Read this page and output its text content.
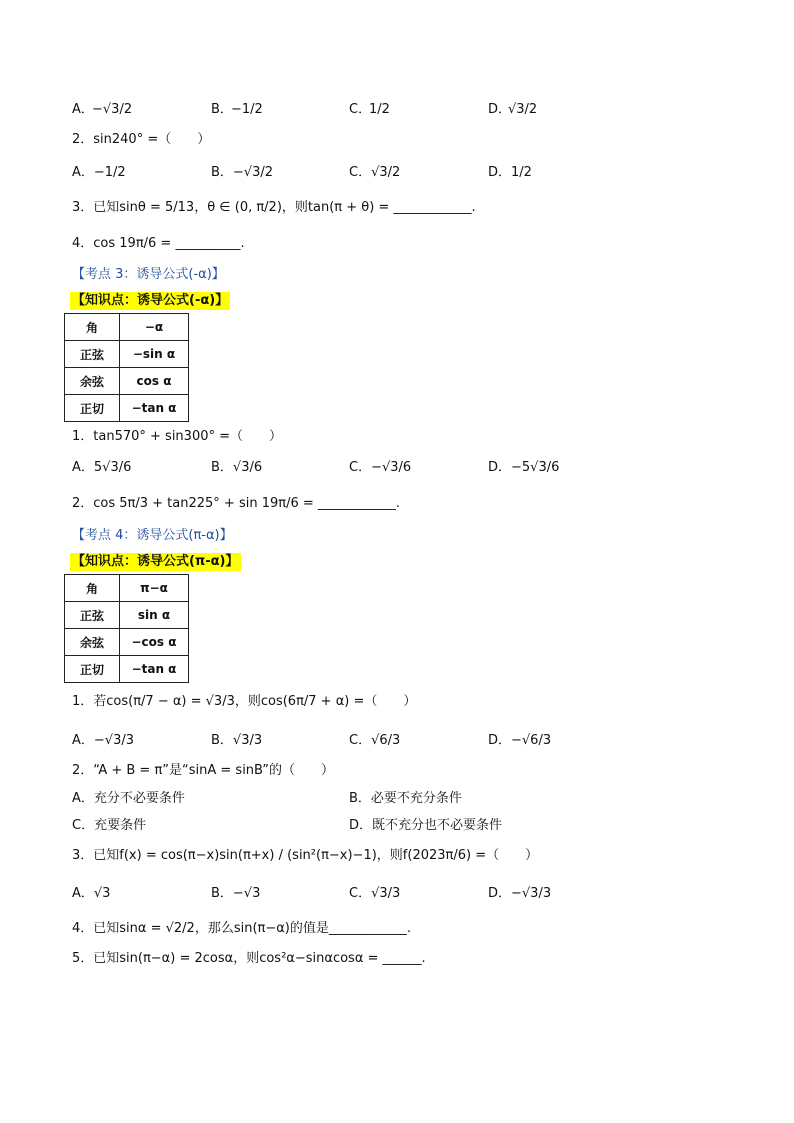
A．
−√3/2	B．
−1/2	C．
1/2	D．
√3/2
2．sin240° =（　　）
A．−1/2	B．−√3/2	C．√3/2	D．1/2
3．已知sinθ = 5/13，θ ∈ (0, π/2)，则tan(π + θ) = ____________.
4．cos 19π/6 = __________.
【考点 3：诱导公式(-α)】
【知识点：诱导公式(-α)】
角	−α
正弦	−sin α
余弦	cos α
正切	−tan α
1．tan570° + sin300° =（　　）
A．5√3/6	B．√3/6	C．−√3/6	D．−5√3/6
2．cos 5π/3 + tan225° + sin 19π/6 = ____________.
【考点 4：诱导公式(π-α)】
【知识点：诱导公式(π-α)】
角	π−α
正弦	sin α
余弦	−cos α
正切	−tan α
1．若cos(π/7 − α) = √3/3，则cos(6π/7 + α) =（　　）
A．−√3/3	B．√3/3	C．√6/3	D．−√6/3
2．“A + B = π”是“sinA = sinB”的（　　）
A．充分不必要条件	B．必要不充分条件
C．充要条件	D．既不充分也不必要条件
3．已知f(x) = cos(π−x)sin(π+x) / (sin²(π−x)−1)，则f(2023π/6) =（　　）
A．√3	B．−√3	C．√3/3	D．−√3/3
4．已知sinα = √2/2，那么sin(π−α)的值是____________.
5．已知sin(π−α) = 2cosα，则cos²α−sinαcosα = ______.
